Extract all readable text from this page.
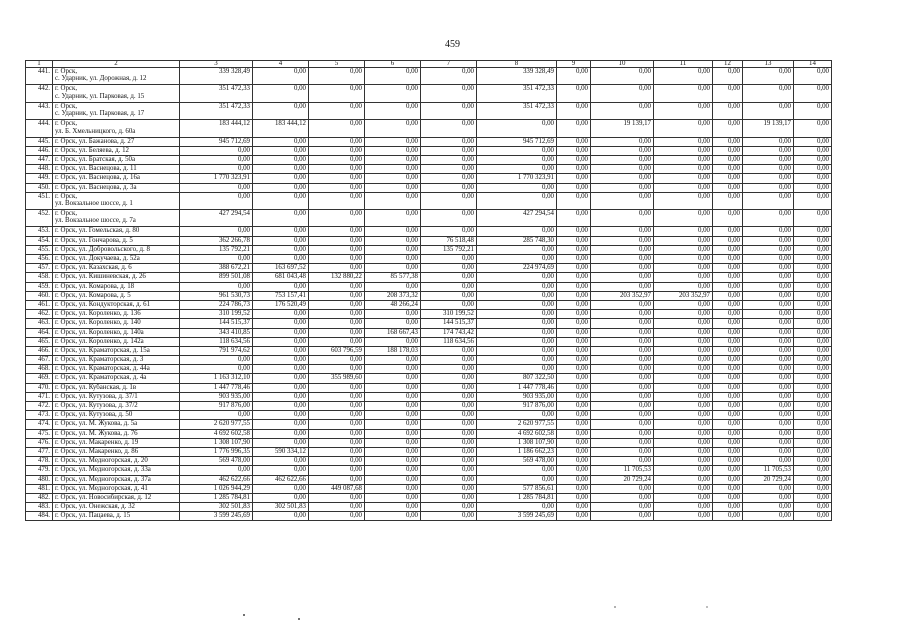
459
1	2	3	4	5	6	7	8	9	10	11	12	13	14
441.	г. Орск,
с. Ударник, ул. Дорожная, д. 12	339 328,49	0,00	0,00	0,00	0,00	339 328,49	0,00	0,00	0,00	0,00	0,00	0,00
442.	г. Орск,
с. Ударник, ул. Парковая, д. 15	351 472,33	0,00	0,00	0,00	0,00	351 472,33	0,00	0,00	0,00	0,00	0,00	0,00
443.	г. Орск,
с. Ударник, ул. Парковая, д. 17	351 472,33	0,00	0,00	0,00	0,00	351 472,33	0,00	0,00	0,00	0,00	0,00	0,00
444.	г. Орск,
ул. Б. Хмельницкого, д. 60а	183 444,12	183 444,12	0,00	0,00	0,00	0,00	0,00	19 139,17	0,00	0,00	19 139,17	0,00
445.	г. Орск, ул. Бажанова, д. 27	945 712,69	0,00	0,00	0,00	0,00	945 712,69	0,00	0,00	0,00	0,00	0,00	0,00
446.	г. Орск, ул. Беляева, д. 12	0,00	0,00	0,00	0,00	0,00	0,00	0,00	0,00	0,00	0,00	0,00	0,00
447.	г. Орск, ул. Братская, д. 50а	0,00	0,00	0,00	0,00	0,00	0,00	0,00	0,00	0,00	0,00	0,00	0,00
448.	г. Орск, ул. Васнецова, д. 11	0,00	0,00	0,00	0,00	0,00	0,00	0,00	0,00	0,00	0,00	0,00	0,00
449.	г. Орск, ул. Васнецова, д. 16а	1 770 323,91	0,00	0,00	0,00	0,00	1 770 323,91	0,00	0,00	0,00	0,00	0,00	0,00
450.	г. Орск, ул. Васнецова, д. 3а	0,00	0,00	0,00	0,00	0,00	0,00	0,00	0,00	0,00	0,00	0,00	0,00
451.	г. Орск,
ул. Вокзальное шоссе, д. 1	0,00	0,00	0,00	0,00	0,00	0,00	0,00	0,00	0,00	0,00	0,00	0,00
452.	г. Орск,
ул. Вокзальное шоссе, д. 7а	427 294,54	0,00	0,00	0,00	0,00	427 294,54	0,00	0,00	0,00	0,00	0,00	0,00
453.	г. Орск, ул. Гомельская, д. 80	0,00	0,00	0,00	0,00	0,00	0,00	0,00	0,00	0,00	0,00	0,00	0,00
454.	г. Орск, ул. Гончарова, д. 5	362 266,78	0,00	0,00	0,00	76 518,48	285 748,30	0,00	0,00	0,00	0,00	0,00	0,00
455.	г. Орск, ул. Добровольского, д. 8	135 792,21	0,00	0,00	0,00	135 792,21	0,00	0,00	0,00	0,00	0,00	0,00	0,00
456.	г. Орск, ул. Докучаева, д. 52а	0,00	0,00	0,00	0,00	0,00	0,00	0,00	0,00	0,00	0,00	0,00	0,00
457.	г. Орск, ул. Казахская, д. 6	388 672,21	163 697,52	0,00	0,00	0,00	224 974,69	0,00	0,00	0,00	0,00	0,00	0,00
458.	г. Орск, ул. Кишиневская, д. 26	899 501,08	681 043,48	132 880,22	85 577,38	0,00	0,00	0,00	0,00	0,00	0,00	0,00	0,00
459.	г. Орск, ул. Комарова, д. 18	0,00	0,00	0,00	0,00	0,00	0,00	0,00	0,00	0,00	0,00	0,00	0,00
460.	г. Орск, ул. Комарова, д. 5	961 530,73	753 157,41	0,00	208 373,32	0,00	0,00	0,00	203 352,97	203 352,97	0,00	0,00	0,00
461.	г. Орск, ул. Кондукторская, д. 61	224 786,73	176 520,49	0,00	48 266,24	0,00	0,00	0,00	0,00	0,00	0,00	0,00	0,00
462.	г. Орск, ул. Короленко, д. 136	310 199,52	0,00	0,00	0,00	310 199,52	0,00	0,00	0,00	0,00	0,00	0,00	0,00
463.	г. Орск, ул. Короленко, д. 140	144 515,37	0,00	0,00	0,00	144 515,37	0,00	0,00	0,00	0,00	0,00	0,00	0,00
464.	г. Орск, ул. Короленко, д. 140а	343 410,85	0,00	0,00	168 667,43	174 743,42	0,00	0,00	0,00	0,00	0,00	0,00	0,00
465.	г. Орск, ул. Короленко, д. 142а	118 634,56	0,00	0,00	0,00	118 634,56	0,00	0,00	0,00	0,00	0,00	0,00	0,00
466.	г. Орск, ул. Краматорская, д. 15а	791 974,62	0,00	603 796,59	188 178,03	0,00	0,00	0,00	0,00	0,00	0,00	0,00	0,00
467.	г. Орск, ул. Краматорская, д. 3	0,00	0,00	0,00	0,00	0,00	0,00	0,00	0,00	0,00	0,00	0,00	0,00
468.	г. Орск, ул. Краматорская, д. 44а	0,00	0,00	0,00	0,00	0,00	0,00	0,00	0,00	0,00	0,00	0,00	0,00
469.	г. Орск, ул. Краматорская, д. 4а	1 163 312,10	0,00	355 989,60	0,00	0,00	807 322,50	0,00	0,00	0,00	0,00	0,00	0,00
470.	г. Орск, ул. Кубанская, д. 1в	1 447 778,46	0,00	0,00	0,00	0,00	1 447 778,46	0,00	0,00	0,00	0,00	0,00	0,00
471.	г. Орск, ул. Кутузова, д. 37/1	903 935,00	0,00	0,00	0,00	0,00	903 935,00	0,00	0,00	0,00	0,00	0,00	0,00
472.	г. Орск, ул. Кутузова, д. 37/2	917 876,00	0,00	0,00	0,00	0,00	917 876,00	0,00	0,00	0,00	0,00	0,00	0,00
473.	г. Орск, ул. Кутузова, д. 50	0,00	0,00	0,00	0,00	0,00	0,00	0,00	0,00	0,00	0,00	0,00	0,00
474.	г. Орск, ул. М. Жукова, д. 5а	2 620 977,55	0,00	0,00	0,00	0,00	2 620 977,55	0,00	0,00	0,00	0,00	0,00	0,00
475.	г. Орск, ул. М. Жукова, д. 76	4 692 602,58	0,00	0,00	0,00	0,00	4 692 602,58	0,00	0,00	0,00	0,00	0,00	0,00
476.	г. Орск, ул. Макаренко, д. 19	1 308 107,90	0,00	0,00	0,00	0,00	1 308 107,90	0,00	0,00	0,00	0,00	0,00	0,00
477.	г. Орск, ул. Макаренко, д. 86	1 776 996,35	590 334,12	0,00	0,00	0,00	1 186 662,23	0,00	0,00	0,00	0,00	0,00	0,00
478.	г. Орск, ул. Медногорская, д. 20	569 478,00	0,00	0,00	0,00	0,00	569 478,00	0,00	0,00	0,00	0,00	0,00	0,00
479.	г. Орск, ул. Медногорская, д. 33а	0,00	0,00	0,00	0,00	0,00	0,00	0,00	11 705,53	0,00	0,00	11 705,53	0,00
480.	г. Орск, ул. Медногорская, д. 37а	462 622,66	462 622,66	0,00	0,00	0,00	0,00	0,00	20 729,24	0,00	0,00	20 729,24	0,00
481.	г. Орск, ул. Медногорская, д. 41	1 026 944,29	0,00	449 087,68	0,00	0,00	577 856,61	0,00	0,00	0,00	0,00	0,00	0,00
482.	г. Орск, ул. Новосибирская, д. 12	1 285 784,81	0,00	0,00	0,00	0,00	1 285 784,81	0,00	0,00	0,00	0,00	0,00	0,00
483.	г. Орск, ул. Онежская, д. 32	302 501,83	302 501,83	0,00	0,00	0,00	0,00	0,00	0,00	0,00	0,00	0,00	0,00
484.	г. Орск, ул. Пацаева, д. 15	3 599 245,69	0,00	0,00	0,00	0,00	3 599 245,69	0,00	0,00	0,00	0,00	0,00	0,00
